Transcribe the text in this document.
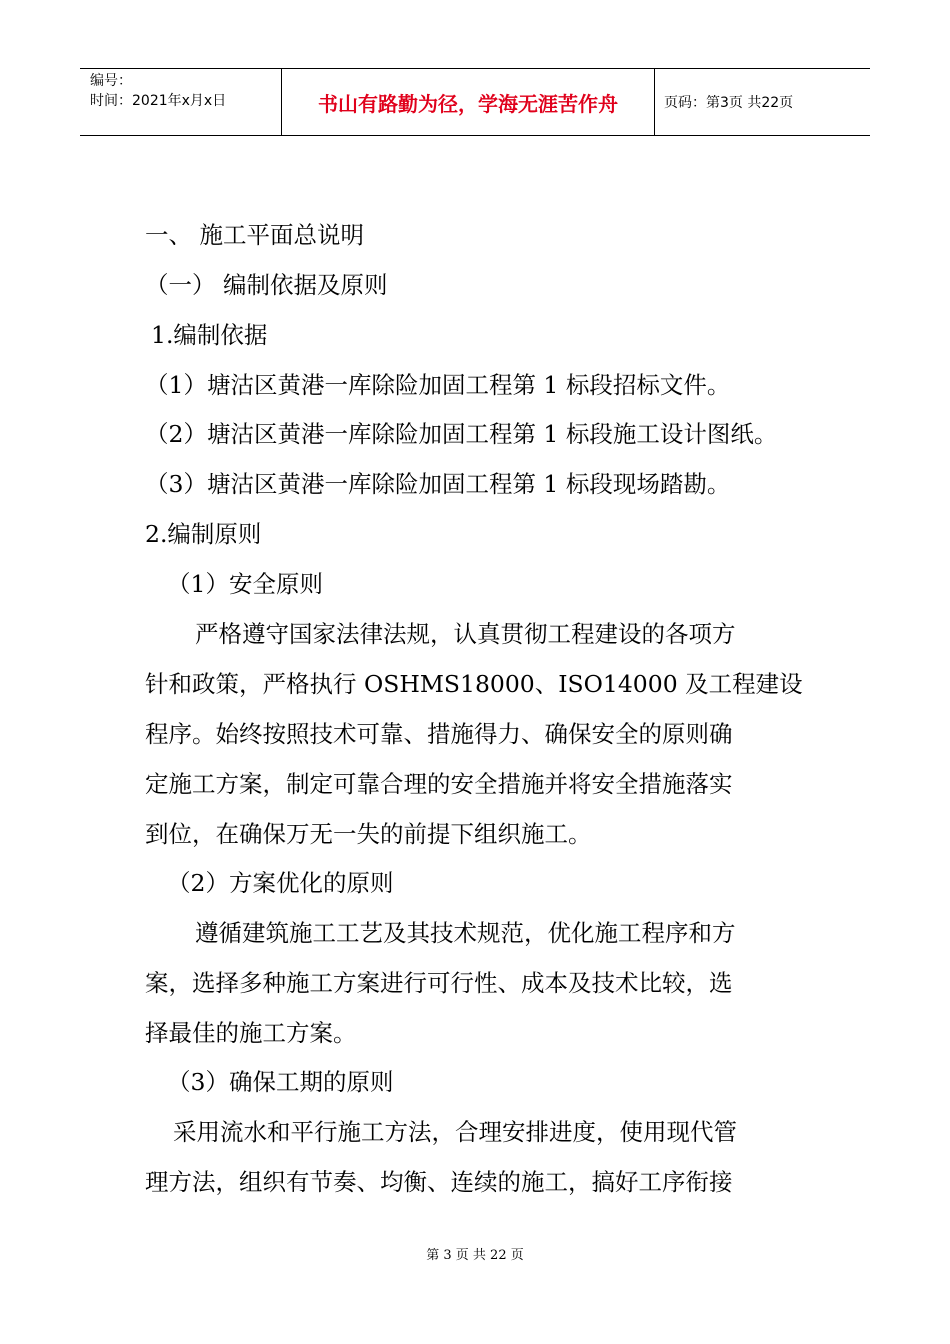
编号：
时间：2021年x月x日	书山有路勤为径，学海无涯苦作舟	页码：第3页 共22页
一、 施工平面总说明
（一） 编制依据及原则
1.编制依据
（1）塘沽区黄港一库除险加固工程第 1 标段招标文件。
（2）塘沽区黄港一库除险加固工程第 1 标段施工设计图纸。
（3）塘沽区黄港一库除险加固工程第 1 标段现场踏勘。
2.编制原则
（1）安全原则
严格遵守国家法律法规，认真贯彻工程建设的各项方
针和政策，严格执行 OSHMS18000、ISO14000 及工程建设
程序。始终按照技术可靠、措施得力、确保安全的原则确
定施工方案，制定可靠合理的安全措施并将安全措施落实
到位，在确保万无一失的前提下组织施工。
（2）方案优化的原则
遵循建筑施工工艺及其技术规范，优化施工程序和方
案，选择多种施工方案进行可行性、成本及技术比较，选
择最佳的施工方案。
（3）确保工期的原则
采用流水和平行施工方法，合理安排进度，使用现代管
理方法，组织有节奏、均衡、连续的施工，搞好工序衔接
第 3 页 共 22 页
